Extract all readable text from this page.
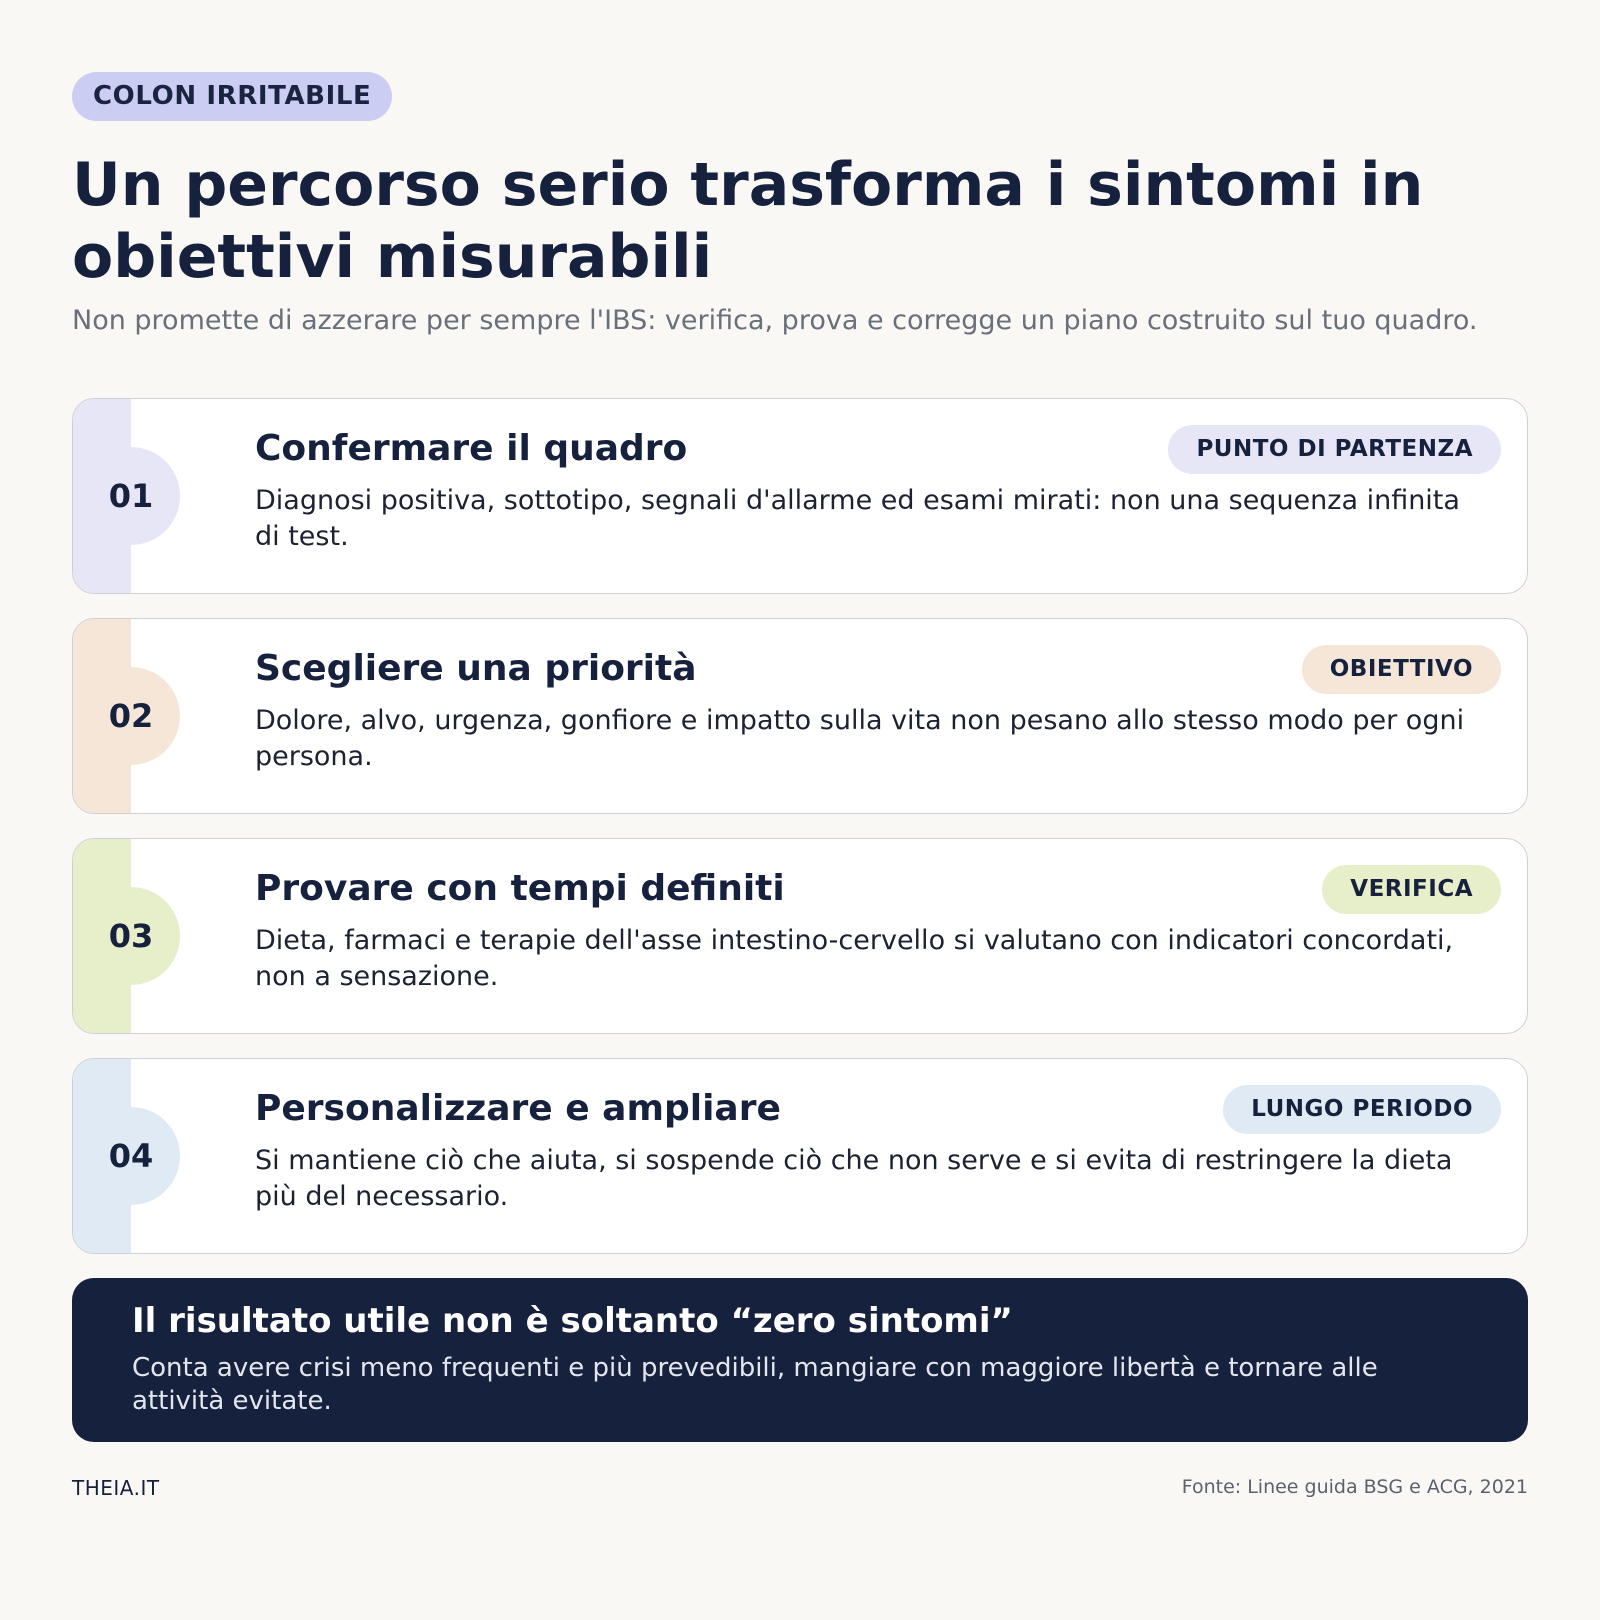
COLON IRRITABILE
Un percorso serio trasforma i sintomi in obiettivi misurabili

Non promette di azzerare per sempre l'IBS: verifica, prova e corregge un piano costruito sul tuo quadro.

01
Confermare il quadro	PUNTO DI PARTENZA
Diagnosi positiva, sottotipo, segnali d'allarme ed esami mirati: non una sequenza infinita di test.
02
Scegliere una priorità	OBIETTIVO
Dolore, alvo, urgenza, gonfiore e impatto sulla vita non pesano allo stesso modo per ogni persona.
03
Provare con tempi definiti	VERIFICA
Dieta, farmaci e terapie dell'asse intestino-cervello si valutano con indicatori concordati, non a sensazione.
04
Personalizzare e ampliare	LUNGO PERIODO
Si mantiene ciò che aiuta, si sospende ciò che non serve e si evita di restringere la dieta più del necessario.
Il risultato utile non è soltanto “zero sintomi”
Conta avere crisi meno frequenti e più prevedibili, mangiare con maggiore libertà e tornare alle attività evitate.
THEIA.IT	Fonte: Linee guida BSG e ACG, 2021
